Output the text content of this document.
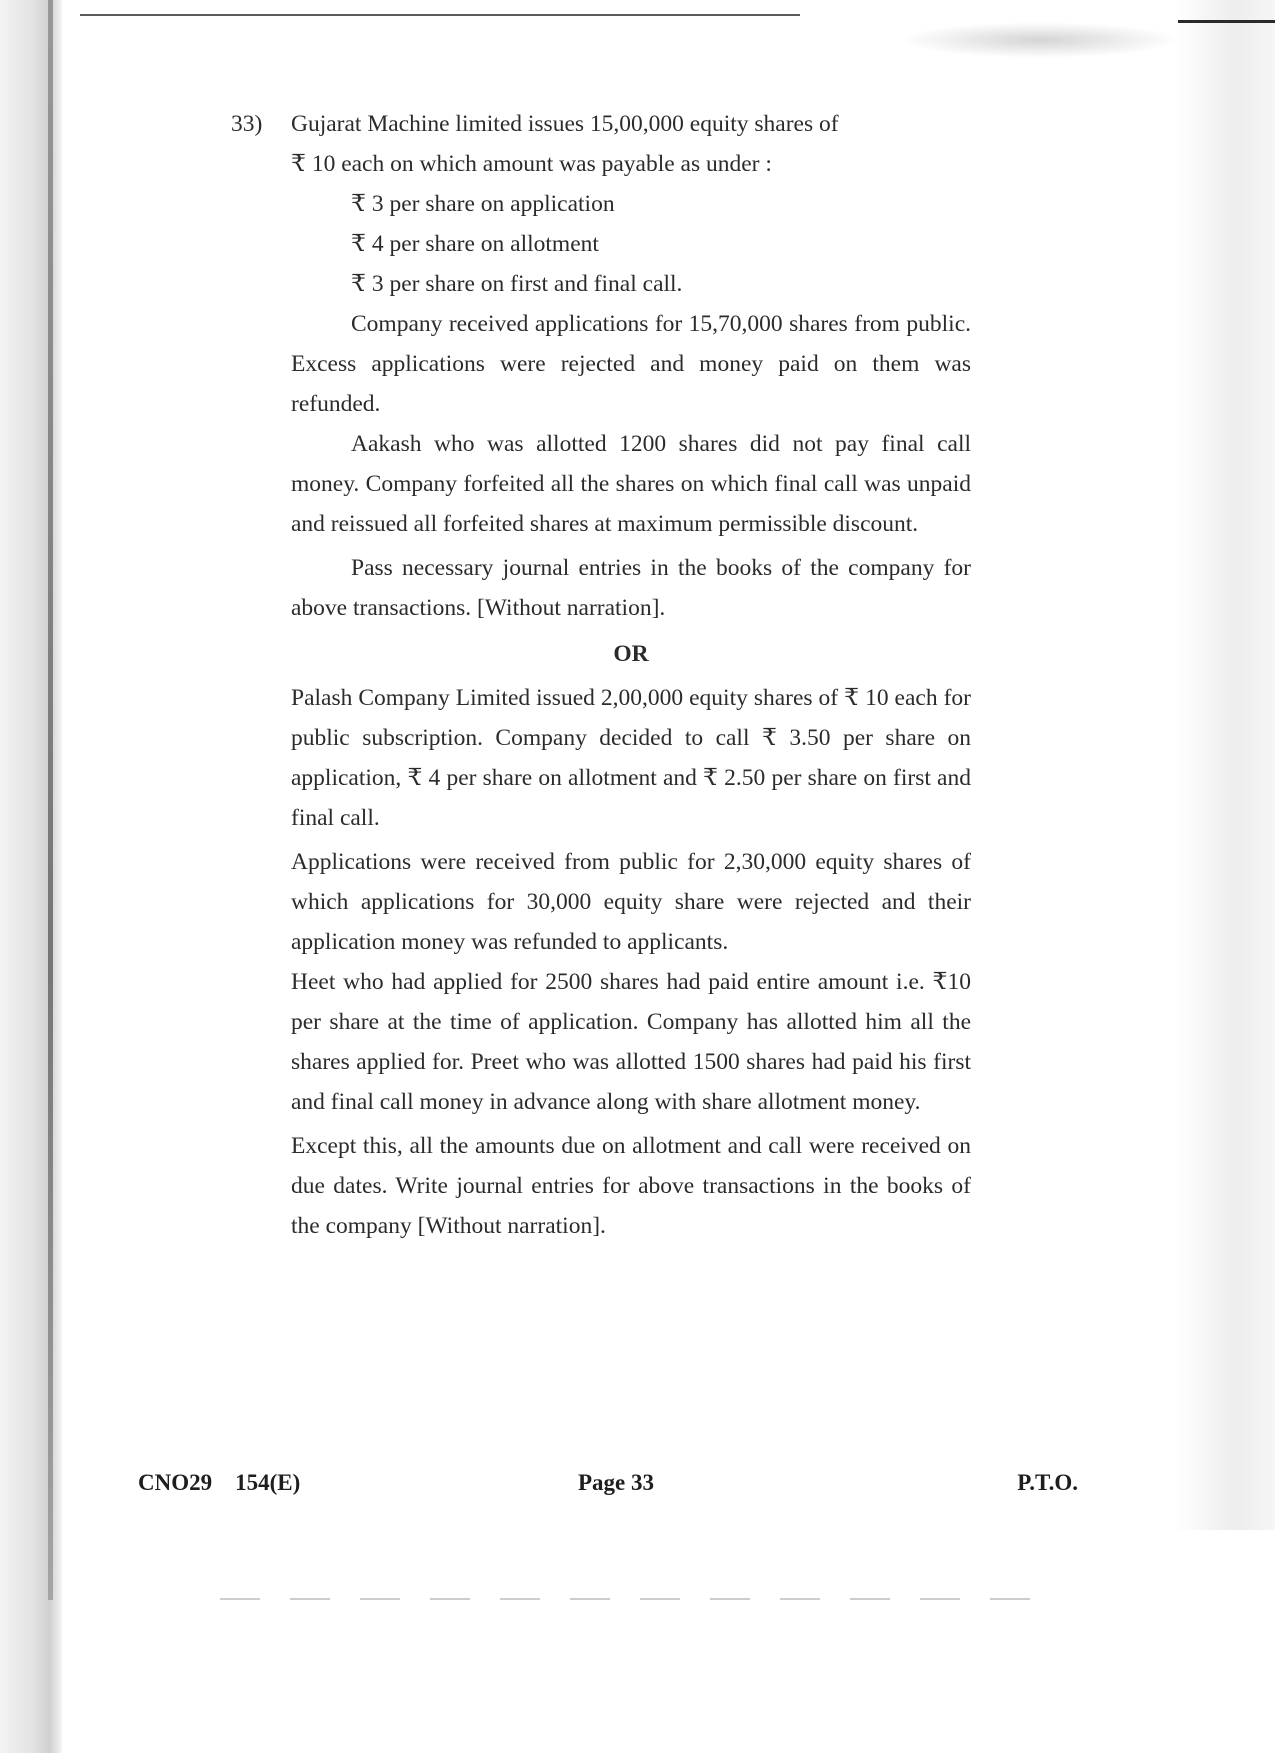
33)	Gujarat Machine limited issues 15,00,000 equity shares of
₹ 10 each on which amount was payable as under :
₹ 3 per share on application
₹ 4 per share on allotment
₹ 3 per share on first and final call.

Company received applications for 15,70,000 shares from public. Excess applications were rejected and money paid on them was refunded.

Aakash who was allotted 1200 shares did not pay final call money. Company forfeited all the shares on which final call was unpaid and reissued all forfeited shares at maximum permissible discount.

Pass necessary journal entries in the books of the company for above transactions. [Without narration].

OR

Palash Company Limited issued 2,00,000 equity shares of ₹ 10 each for public subscription. Company decided to call ₹ 3.50 per share on application, ₹ 4 per share on allotment and ₹ 2.50 per share on first and final call.

Applications were received from public for 2,30,000 equity shares of which applications for 30,000 equity share were rejected and their application money was refunded to applicants.

Heet who had applied for 2500 shares had paid entire amount i.e. ₹10 per share at the time of application. Company has allotted him all the shares applied for. Preet who was allotted 1500 shares had paid his first and final call money in advance along with share allotment money.

Except this, all the amounts due on allotment and call were received on due dates. Write journal entries for above transactions in the books of the company [Without narration].

CNO29    154(E)	Page 33	P.T.O.
